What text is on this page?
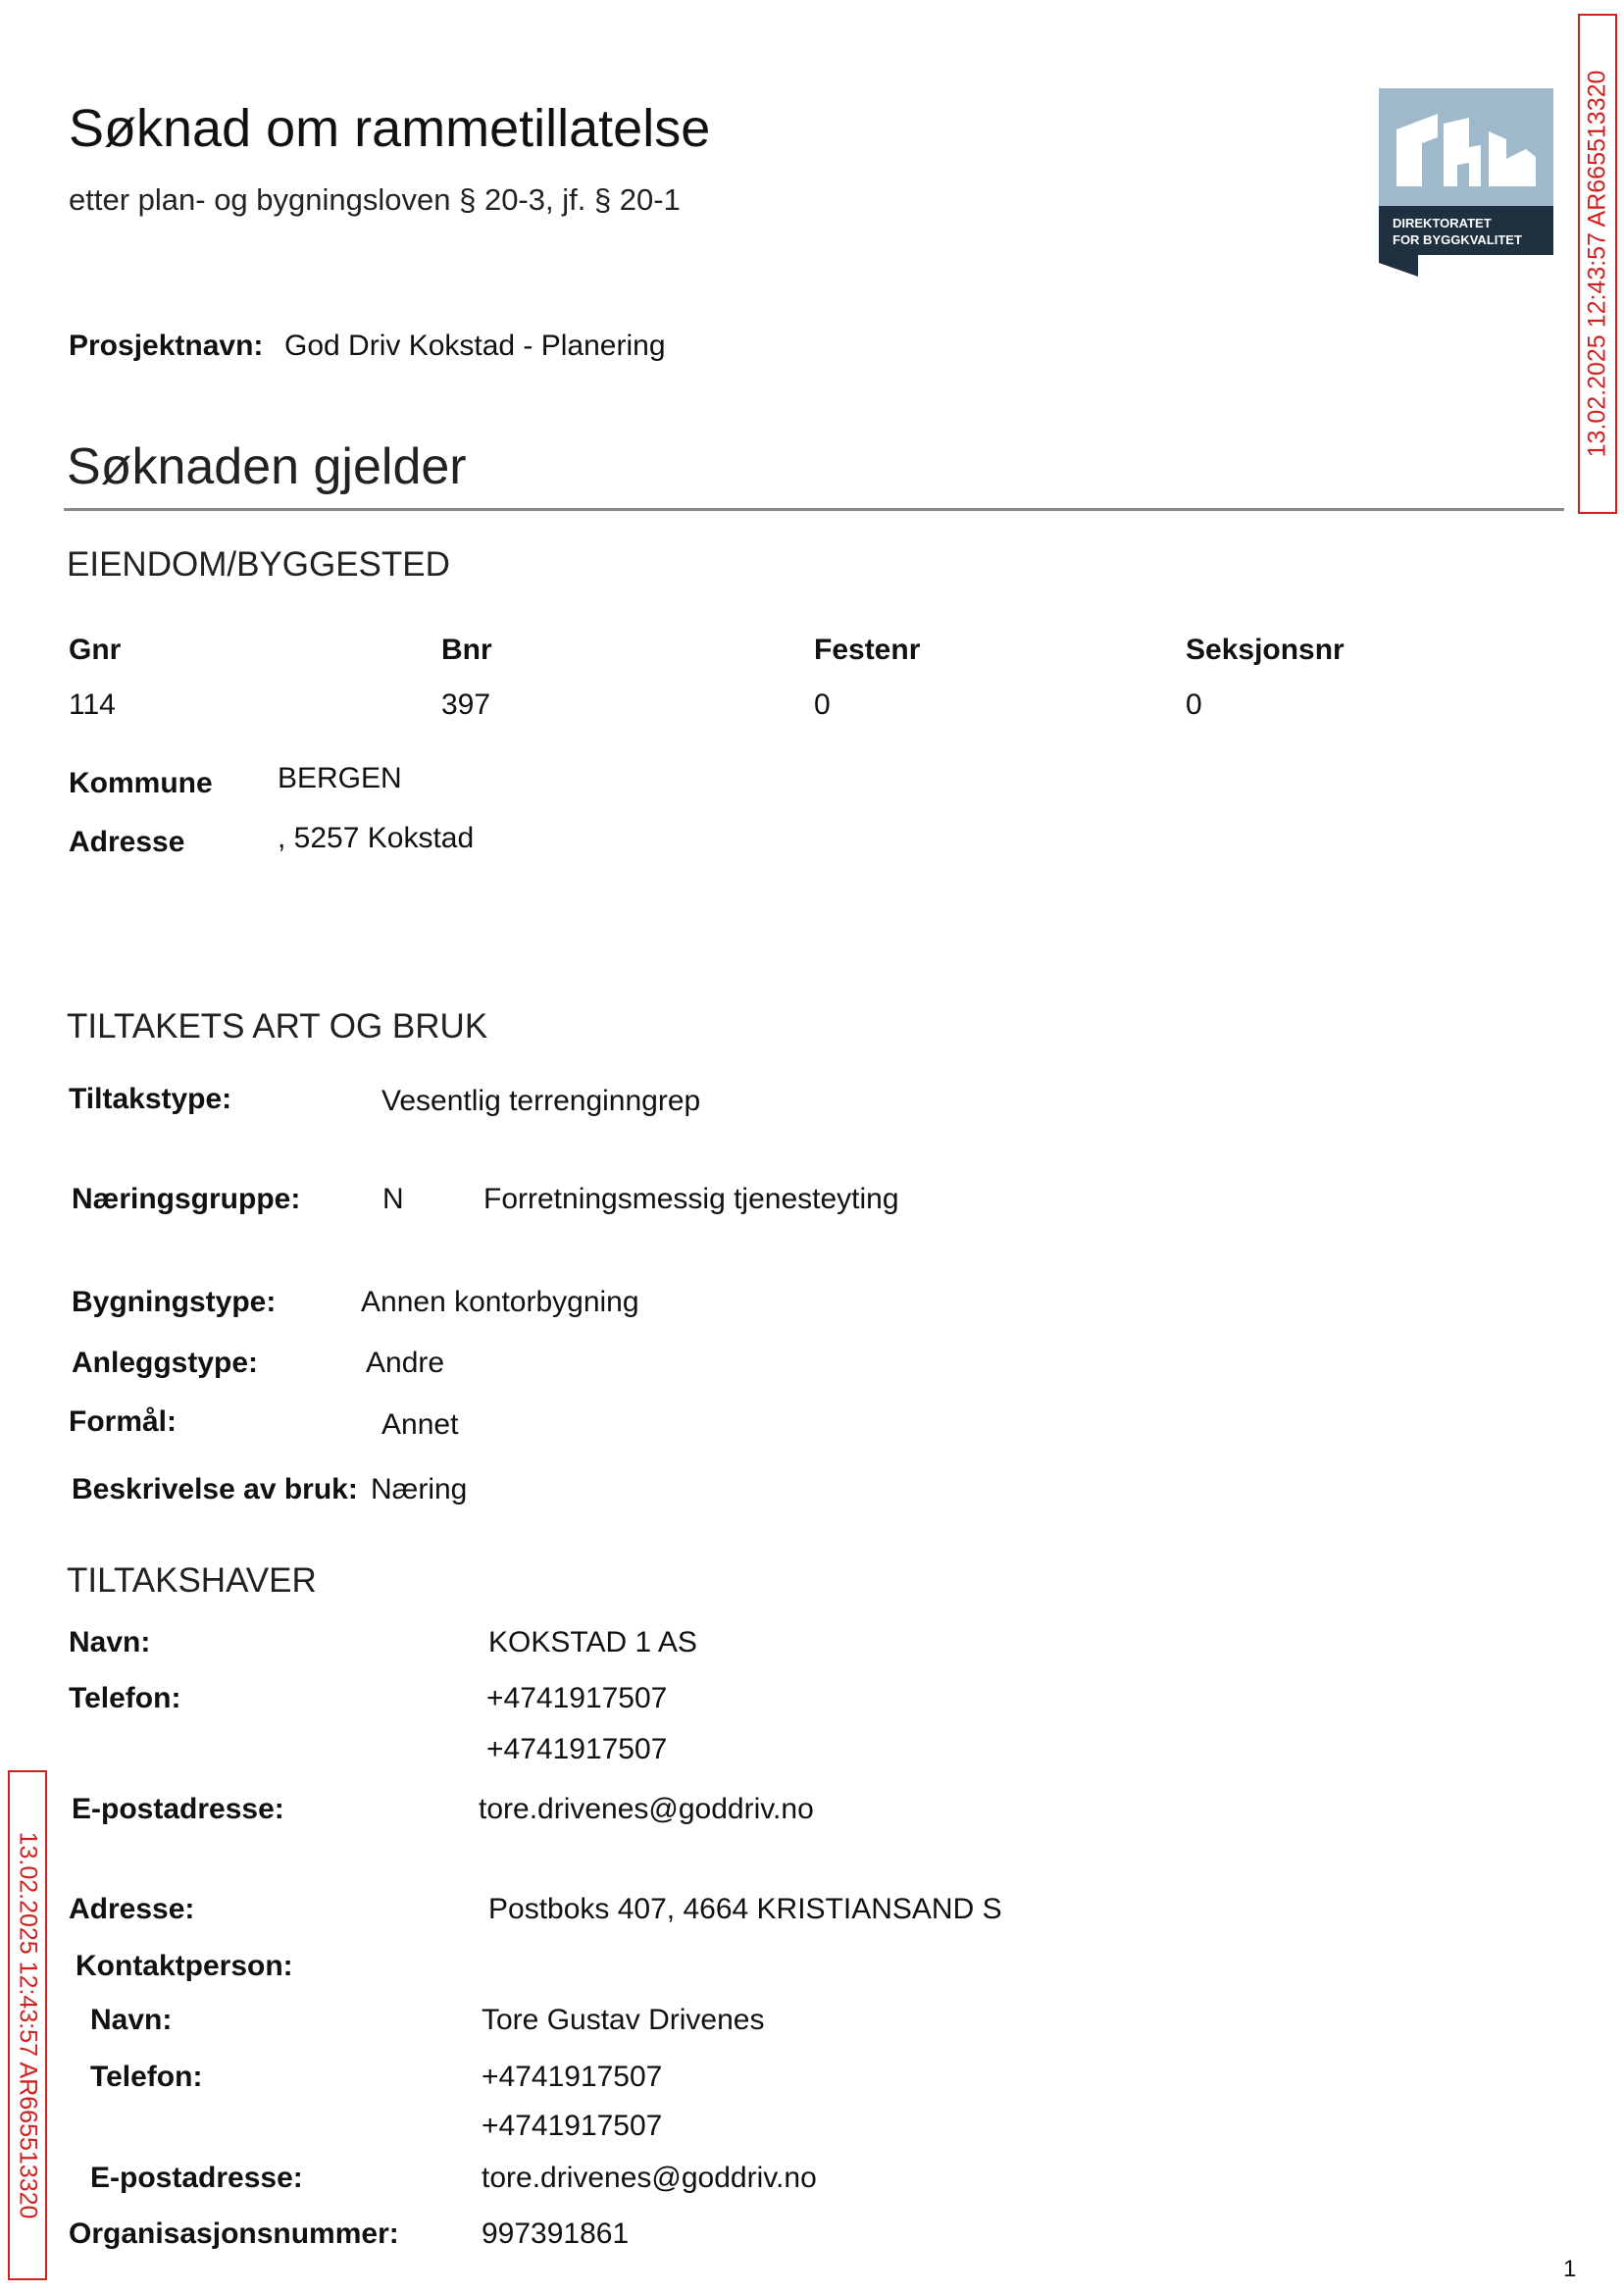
Søknad om rammetillatelse
etter plan- og bygningsloven § 20-3, jf. § 20-1
DIREKTORATET
FOR BYGGKVALITET	13.02.2025 12:43:57 AR665513320
13.02.2025 12:43:57 AR665513320
Prosjektnavn: God Driv Kokstad - Planering
Søknaden gjelder
EIENDOM/BYGGESTED
Gnr	Bnr	Festenr	Seksjonsnr
114	397	0	0
Kommune BERGEN
Adresse	, 5257 Kokstad
TILTAKETS ART OG BRUK
Tiltakstype:	Vesentlig terrenginngrep
Næringsgruppe:	N	Forretningsmessig tjenesteyting
Bygningstype:	Annen kontorbygning
Anleggstype:	Andre
Formål:	Annet
Beskrivelse av bruk: Næring
TILTAKSHAVER
Navn:	KOKSTAD 1 AS
Telefon:	+4741917507
+4741917507
E-postadresse:	tore.drivenes@goddriv.no
Adresse:	Postboks 407, 4664 KRISTIANSAND S
Kontaktperson:
Navn:	Tore Gustav Drivenes
Telefon:	+4741917507
+4741917507
E-postadresse:	tore.drivenes@goddriv.no
Organisasjonsnummer:	997391861
1
